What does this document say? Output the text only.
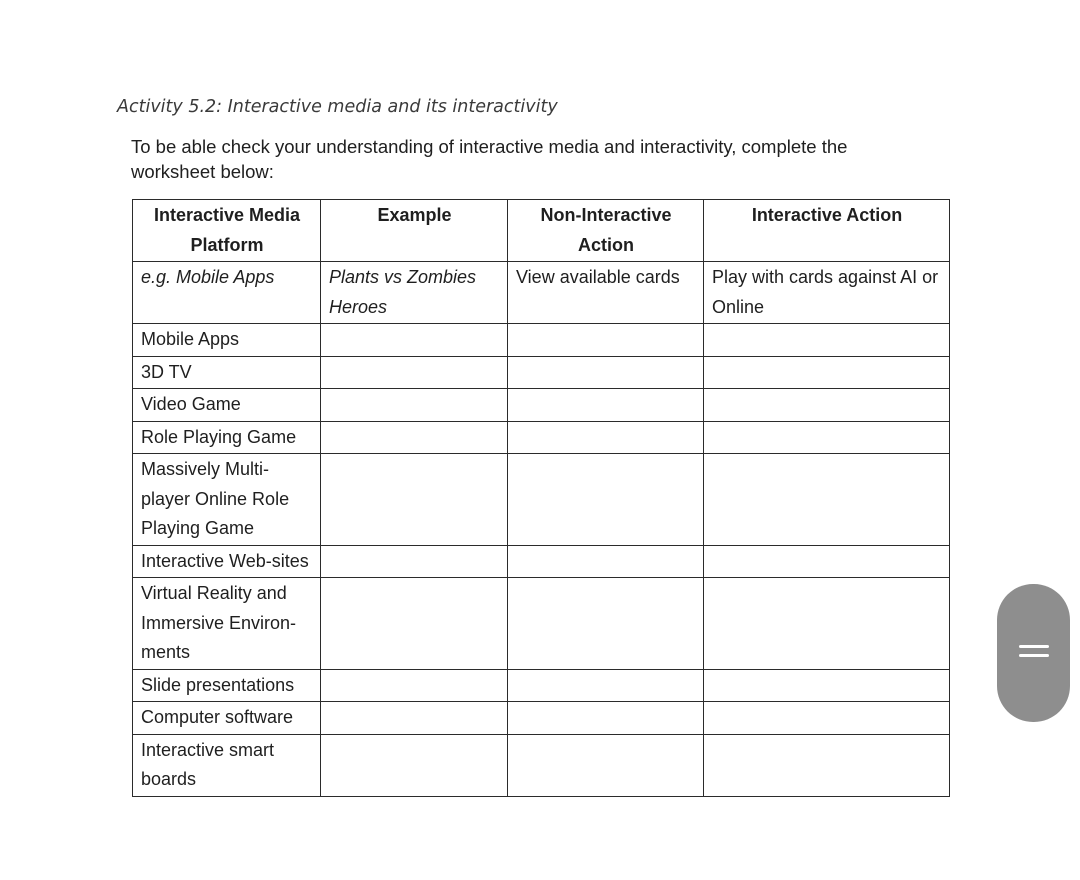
Activity 5.2: Interactive media and its interactivity
To be able check your understanding of interactive media and interactivity, complete the worksheet below:
Interactive Media Platform	Example	Non-Interactive Action	Interactive Action
e.g. Mobile Apps	Plants vs Zombies Heroes	View available cards	Play with cards against AI or Online
Mobile Apps			
3D TV			
Video Game			
Role Playing Game			
Massively Multi-player Online Role Playing Game			
Interactive Web-sites			
Virtual Reality and Immersive Environ-ments			
Slide presentations			
Computer software			
Interactive smart boards			
